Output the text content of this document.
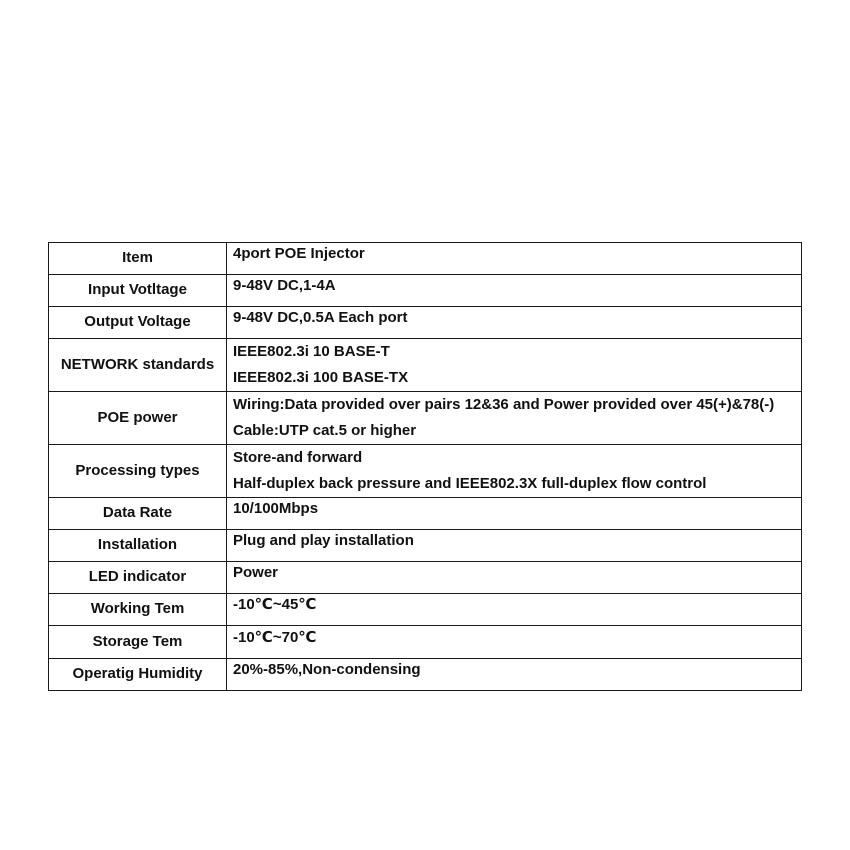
Item	4port POE Injector

Input Votltage	9-48V DC,1-4A

Output Voltage	9-48V DC,0.5A Each port

NETWORK standards	IEEE802.3i 10 BASE-T
IEEE802.3i 100 BASE-TX

POE power	Wiring:Data provided over pairs 12&36 and Power provided over 45(+)&78(-)
Cable:UTP cat.5 or higher

Processing types	Store-and forward
Half-duplex back pressure and IEEE802.3X full-duplex flow control

Data Rate	10/100Mbps

Installation	Plug and play installation

LED indicator	Power

Working Tem	-10℃~45℃

Storage Tem	-10℃~70℃

Operatig Humidity	20%-85%,Non-condensing
